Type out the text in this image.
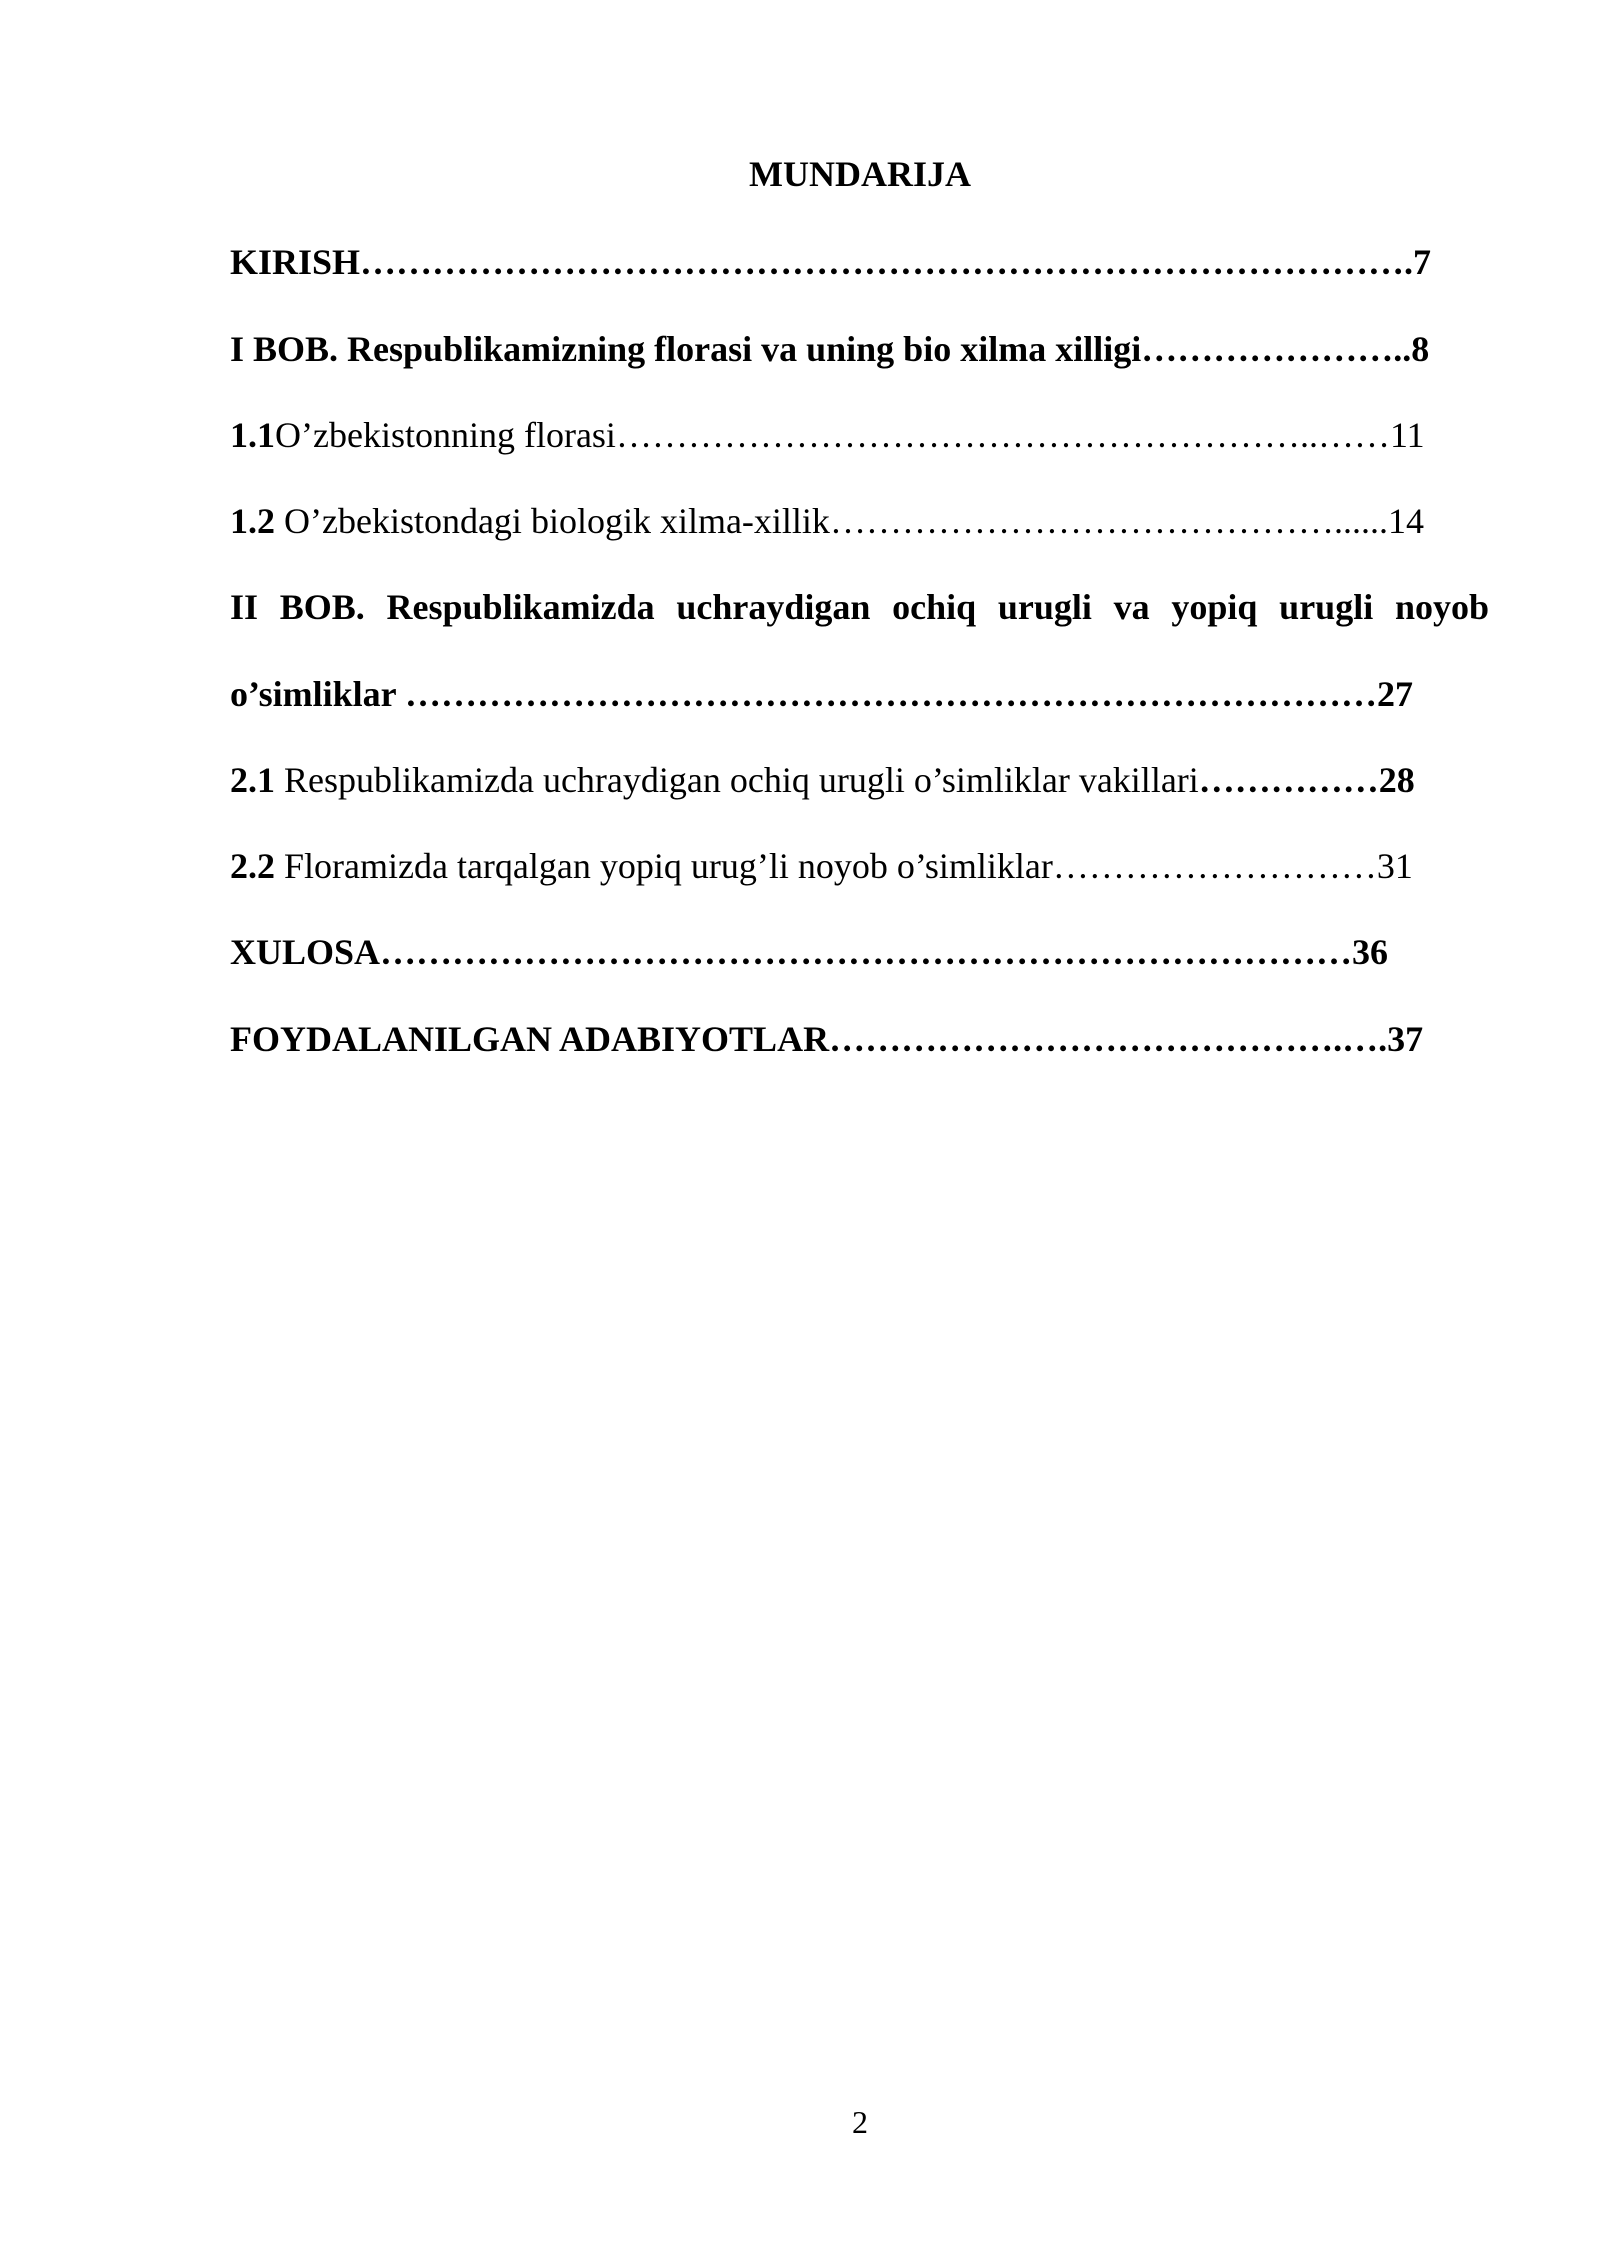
MUNDARIJA
KIRISH…………………………………………………………………………….7
I BOB. Respublikamizning florasi va uning bio xilma xilligi…………………..8
1.1O’zbekistonning florasi…………………………………………………..……11
1.2 O’zbekistondagi biologik xilma-xillik……………………………………......14
II BOB. Respublikamizda uchraydigan ochiq urugli va yopiq urugli noyob
o’simliklar ………………………………………………………………………27
2.1 Respublikamizda uchraydigan ochiq urugli o’simliklar vakillari……………28
2.2 Floramizda tarqalgan yopiq urug’li noyob o’simliklar………………………31
XULOSA………………………………………………………………………36
FOYDALANILGAN ADABIYOTLAR…………………………………….….37
2
